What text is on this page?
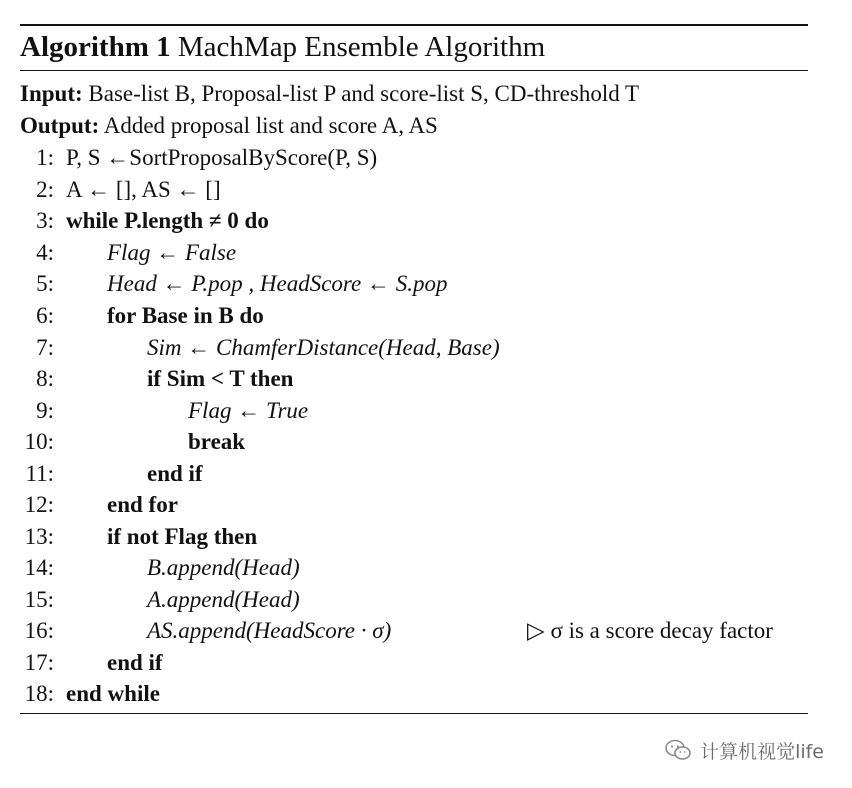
Algorithm 1 MachMap Ensemble Algorithm
Input: Base-list B, Proposal-list P and score-list S, CD-threshold T
Output: Added proposal list and score A, AS
1: P, S ←SortProposalByScore(P, S)
2: A ← [], AS ← []
3: while P.length ≠ 0 do
4: Flag ← False
5: Head ← P.pop , HeadScore ← S.pop
6: for Base in B do
7:	Sim ← ChamferDistance(Head, Base)
8:	if Sim < T then
9:	Flag ← True
10:	break
11:	end if
12: end for
13: if not Flag then
14:	B.append(Head)
15:	A.append(Head)
16:	AS.append(HeadScore · σ)	▷ σ is a score decay factor
17: end if
18: end while
计算机视觉life
